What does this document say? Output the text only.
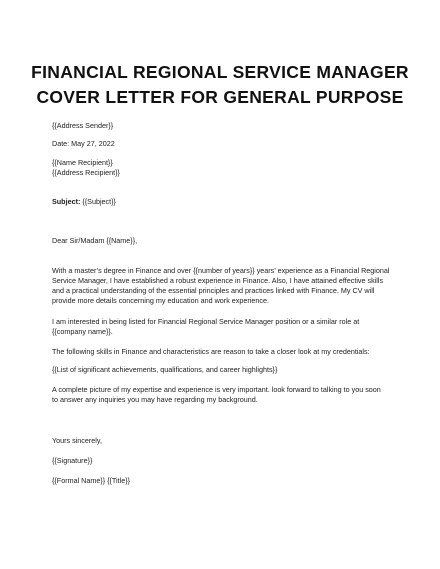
FINANCIAL REGIONAL SERVICE MANAGER
COVER LETTER FOR GENERAL PURPOSE
{{Address Sender}}
Date: May 27, 2022
{{Name Recipient}}
{{Address Recipient}}
Subject: {{Subject}}
Dear Sir/Madam {{Name}},
With a master’s degree in Finance and over {{number of years}} years’ experience as a Financial Regional
Service Manager, I have established a robust experience in Finance. Also, I have attained effective skills
and a practical understanding of the essential principles and practices linked with Finance. My CV will
provide more details concerning my education and work experience.
I am interested in being listed for Financial Regional Service Manager position or a similar role at
{{company name}}.
The following skills in Finance and characteristics are reason to take a closer look at my credentials:
{{List of significant achievements, qualifications, and career highlights}}
A complete picture of my expertise and experience is very important. look forward to talking to you soon
to answer any inquiries you may have regarding my background.
Yours sincerely,
{{Signature}}
{{Formal Name}} {{Title}}
